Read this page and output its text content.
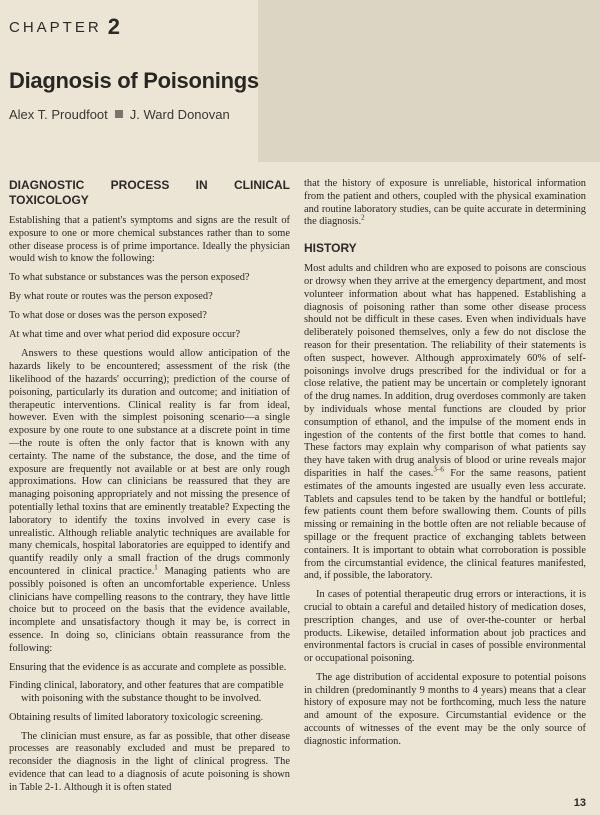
CHAPTER 2
Diagnosis of Poisonings
Alex T. Proudfoot J. Ward Donovan
DIAGNOSTIC PROCESS IN CLINICAL TOXICOLOGY

Establishing that a patient's symptoms and signs are the result of exposure to one or more chemical substances rather than to some other disease process is of prime importance. Ideally the physician would wish to know the following:

To what substance or substances was the person exposed?

By what route or routes was the person exposed?

To what dose or doses was the person exposed?

At what time and over what period did exposure occur?

Answers to these questions would allow anticipation of the hazards likely to be encountered; assessment of the risk (the likelihood of the hazards' occurring); prediction of the course of poisoning, particularly its duration and outcome; and initiation of therapeutic interventions. Clinical reality is far from ideal, however. Even with the simplest poisoning scenario—a single exposure by one route to one substance at a discrete point in time—the route is often the only factor that is known with any certainty. The name of the substance, the dose, and the time of exposure are frequently not available or at best are only rough approximations. How can clinicians be reassured that they are managing poisoning appropriately and not missing the presence of potentially lethal toxins that are eminently treatable? Expecting the laboratory to identify the toxins involved in every case is unrealistic. Although reliable analytic techniques are available for many chemicals, hospital laboratories are equipped to identify and quantify readily only a small fraction of the drugs commonly encountered in clinical practice.$^1$ Managing patients who are possibly poisoned is often an uncomfortable experience. Unless clinicians have compelling reasons to the contrary, they have little choice but to proceed on the basis that the evidence available, incomplete and unsatisfactory though it may be, is correct in essence. In doing so, clinicians obtain reassurance from the following:

Ensuring that the evidence is as accurate and complete as possible.

Finding clinical, laboratory, and other features that are compatible with poisoning with the substance thought to be involved.

Obtaining results of limited laboratory toxicologic screening.

The clinician must ensure, as far as possible, that other disease processes are reasonably excluded and must be prepared to reconsider the diagnosis in the light of clinical progress. The evidence that can lead to a diagnosis of acute poisoning is shown in Table 2-1. Although it is often stated

that the history of exposure is unreliable, historical information from the patient and others, coupled with the physical examination and routine laboratory studies, can be quite accurate in determining the diagnosis.$^2$

HISTORY

Most adults and children who are exposed to poisons are conscious or drowsy when they arrive at the emergency department, and most volunteer information about what has happened. Establishing a diagnosis of poisoning rather than some other disease process should not be difficult in these cases. Even when individuals have deliberately poisoned themselves, only a few do not disclose the reason for their presentation. The reliability of their statements is often suspect, however. Although approximately 60% of self-poisonings involve drugs prescribed for the individual or for a close relative, the patient may be uncertain or completely ignorant of the drug names. In addition, drug overdoses commonly are taken by individuals whose mental functions are clouded by prior consumption of ethanol, and the impulse of the moment ends in ingestion of the contents of the first bottle that comes to hand. These factors may explain why comparison of what patients say they have taken with drug analysis of blood or urine reveals major disparities in half the cases.$^{3-6}$ For the same reasons, patient estimates of the amounts ingested are usually even less accurate. Tablets and capsules tend to be taken by the handful or bottleful; few patients count them before swallowing them. Counts of pills missing or remaining in the bottle often are not reliable because of spillage or the frequent practice of exchanging tablets between containers. It is important to obtain what corroboration is possible from the circumstantial evidence, the clinical features manifested, and, if possible, the laboratory.

In cases of potential therapeutic drug errors or interactions, it is crucial to obtain a careful and detailed history of medication doses, prescription changes, and use of over-the-counter or herbal products. Likewise, detailed information about job practices and environmental factors is crucial in cases of possible environmental or occupational poisoning.

The age distribution of accidental exposure to potential poisons in children (predominantly 9 months to 4 years) means that a clear history of exposure may not be forthcoming, much less the nature and amount of the exposure. Circumstantial evidence or the accounts of witnesses of the event may be the only source of diagnostic information.

13
